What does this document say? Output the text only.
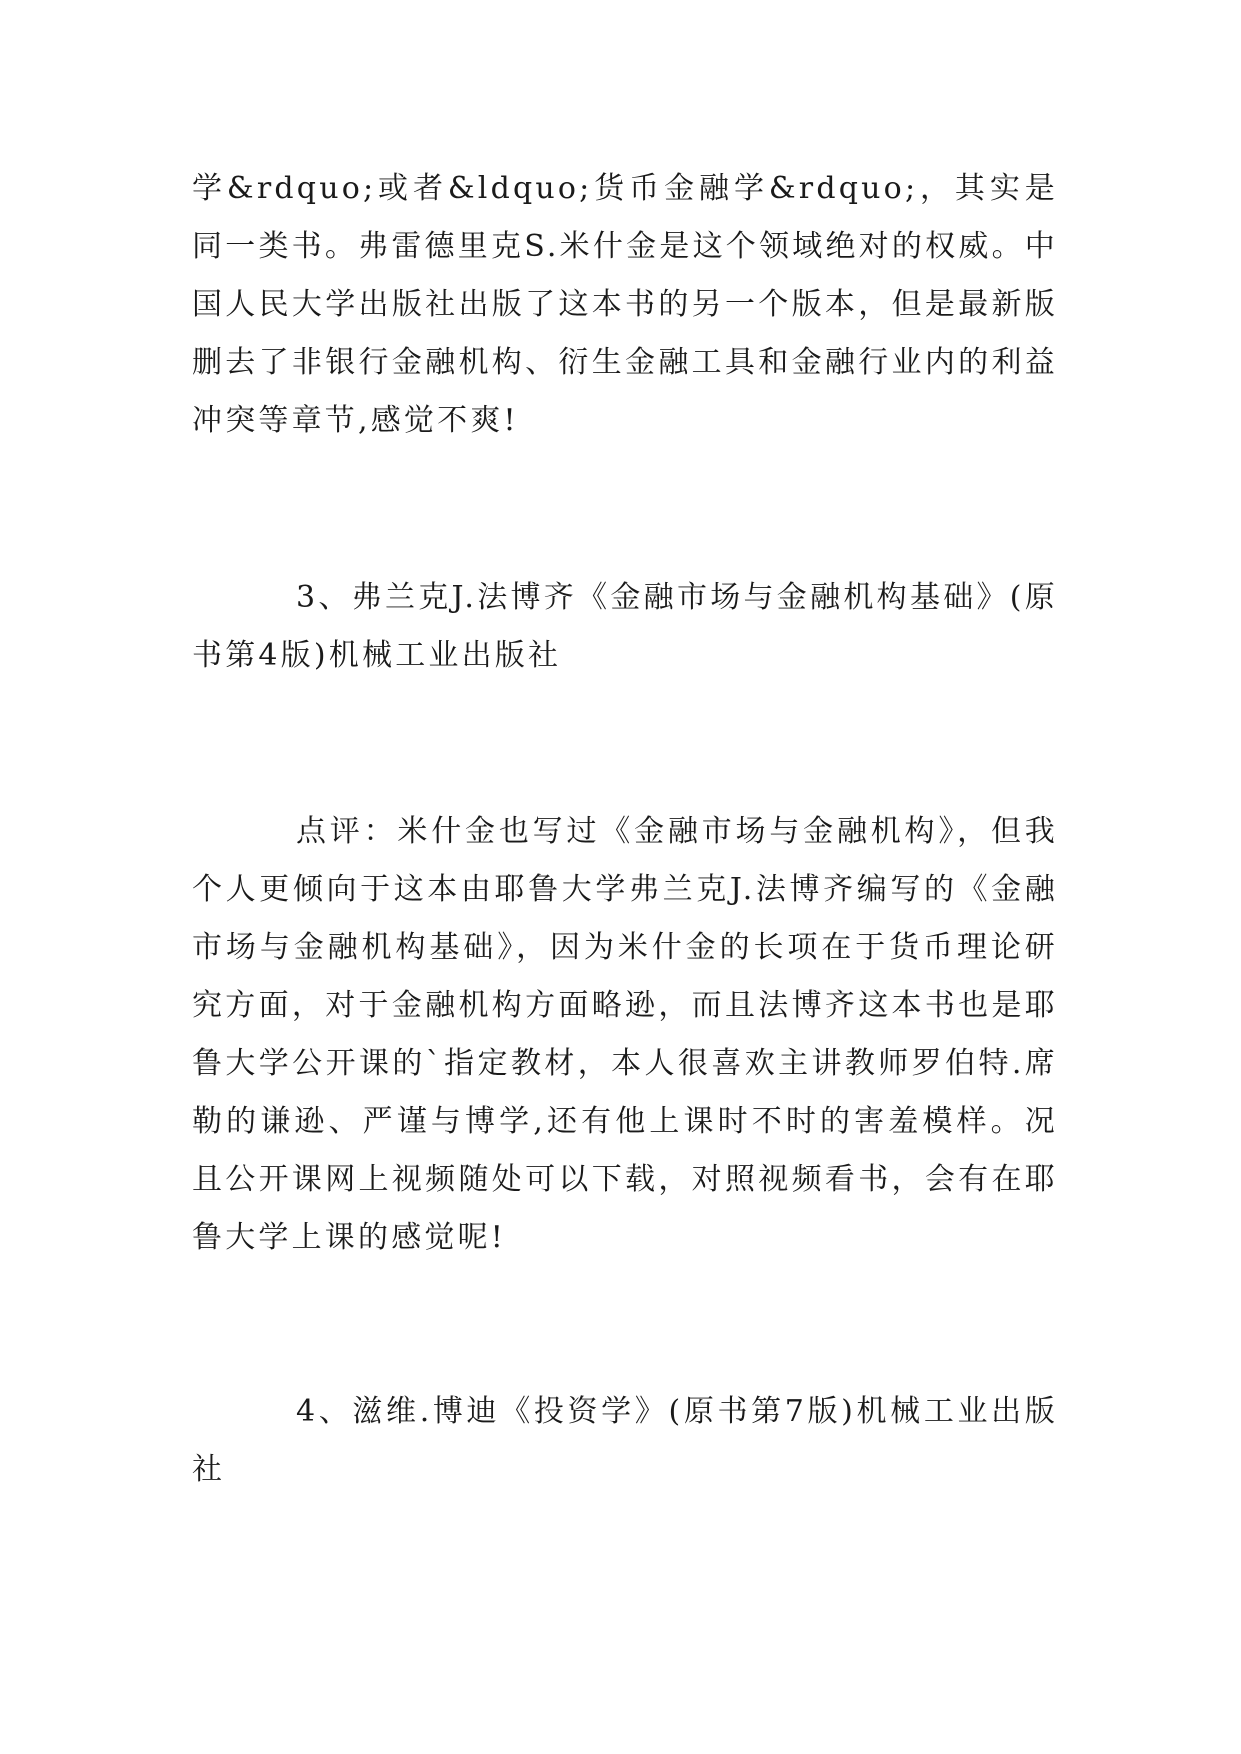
学&rdquo;或者&ldquo;货币金融学&rdquo;，其实是同一类书。弗雷德里克S.米什金是这个领域绝对的权威。中国人民大学出版社出版了这本书的另一个版本，但是最新版删去了非银行金融机构、衍生金融工具和金融行业内的利益冲突等章节,感觉不爽!

3、弗兰克J.法博齐《金融市场与金融机构基础》(原书第4版)机械工业出版社

点评：米什金也写过《金融市场与金融机构》，但我个人更倾向于这本由耶鲁大学弗兰克J.法博齐编写的《金融市场与金融机构基础》，因为米什金的长项在于货币理论研究方面，对于金融机构方面略逊，而且法博齐这本书也是耶鲁大学公开课的`指定教材，本人很喜欢主讲教师罗伯特.席勒的谦逊、严谨与博学,还有他上课时不时的害羞模样。况且公开课网上视频随处可以下载，对照视频看书，会有在耶鲁大学上课的感觉呢!

4、滋维.博迪《投资学》(原书第7版)机械工业出版社
